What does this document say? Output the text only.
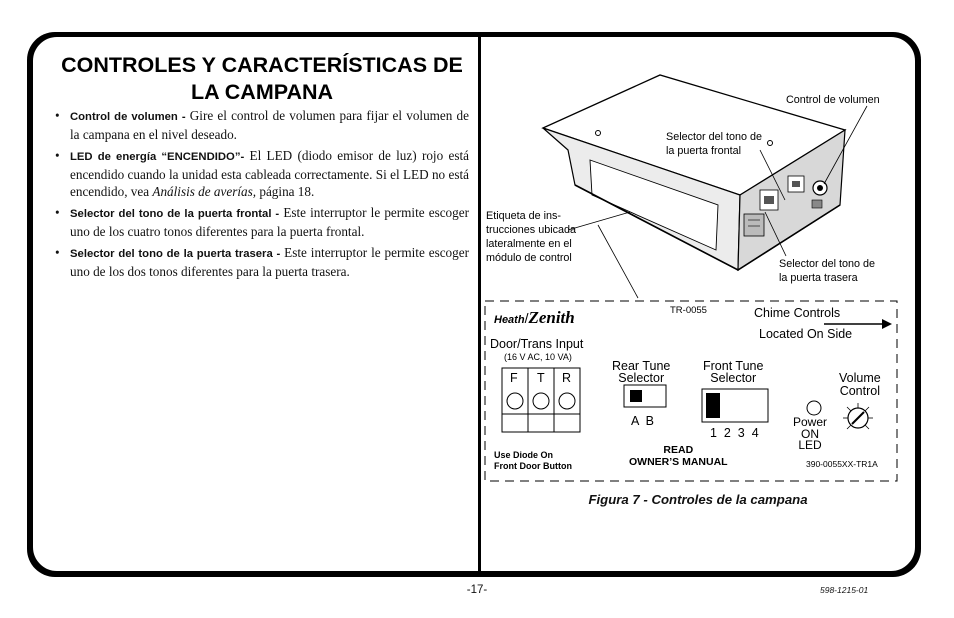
CONTROLES Y CARACTERÍSTICAS DE LA CAMPANA
• Control de volumen - Gire el control de volumen para fijar el volumen de la campana en el nivel deseado.
• LED de energía “ENCENDIDO”- El LED (diodo emisor de luz) rojo está encendido cuando la unidad esta cableada correctamente. Si el LED no está encendido, vea Análisis de averías, página 18.
• Selector del tono de la puerta frontal - Este interruptor le permite escoger uno de los cuatro tonos diferentes para la puerta frontal.
• Selector del tono de la puerta trasera - Este interruptor le permite escoger uno de los dos tonos diferentes para la puerta trasera.
Control de volumen
Selector del tono de
la puerta frontal
Etiqueta de ins-
trucciones ubicada
lateralmente en el
módulo de control	Selector del tono de
la puerta trasera
Heath/Zenith	TR-0055	Chime Controls
Located On Side
Door/Trans Input
(16 V AC, 10 VA)
F T R
Rear Tune
Selector
A  B
Front Tune
Selector
1  2  3  4
Power
ON
LED
Volume
Control
Use Diode On
Front Door Button
READ
OWNER’S MANUAL	390-0055XX-TR1A
Figura 7 - Controles de la campana
-17-	598-1215-01
